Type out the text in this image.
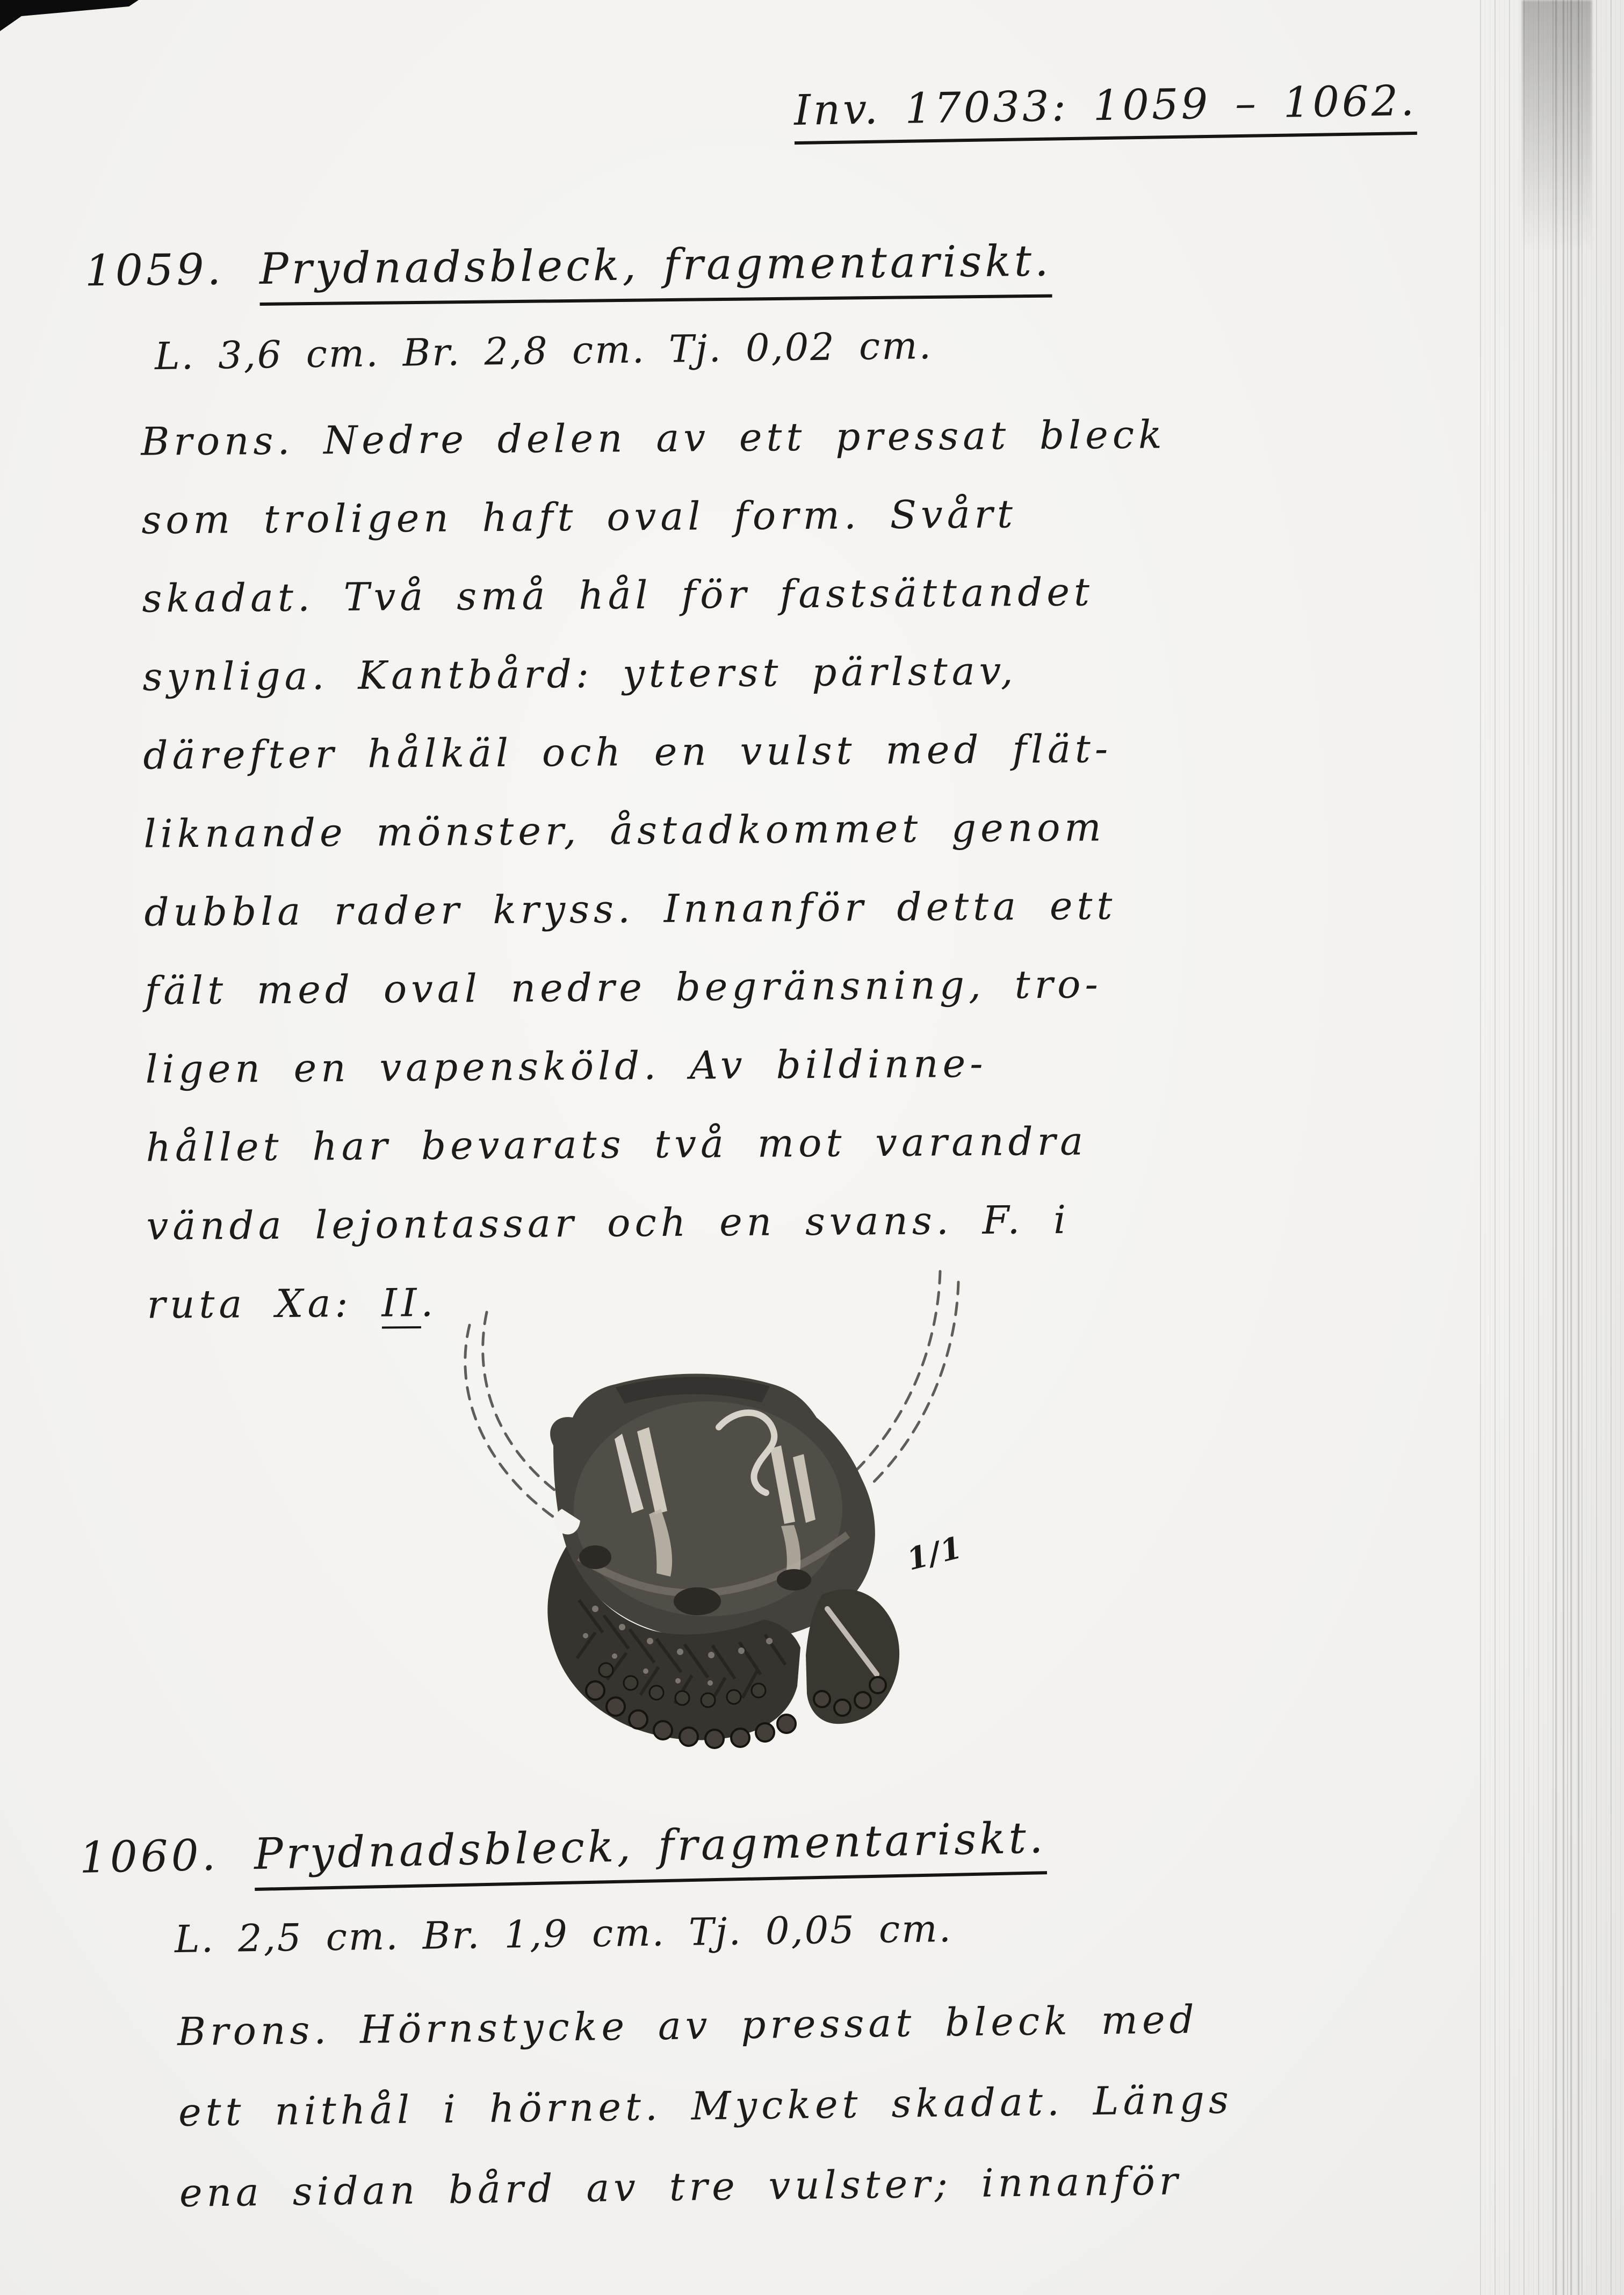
Inv. 17033: 1059 – 1062.
1059. Prydnadsbleck, fragmentariskt.
L. 3,6 cm. Br. 2,8 cm. Tj. 0,02 cm.
Brons. Nedre delen av ett pressat bleck
som troligen haft oval form. Svårt
skadat. Två små hål för fastsättandet
synliga. Kantbård: ytterst pärlstav,
därefter hålkäl och en vulst med flät-
liknande mönster, åstadkommet genom
dubbla rader kryss. Innanför detta ett
fält med oval nedre begränsning, tro-
ligen en vapensköld. Av bildinne-
hållet har bevarats två mot varandra
vända lejontassar och en svans. F. i
ruta Xa: II.
1/1
1060. Prydnadsbleck, fragmentariskt.
L. 2,5 cm. Br. 1,9 cm. Tj. 0,05 cm.
Brons. Hörnstycke av pressat bleck med
ett nithål i hörnet. Mycket skadat. Längs
ena sidan bård av tre vulster; innanför
